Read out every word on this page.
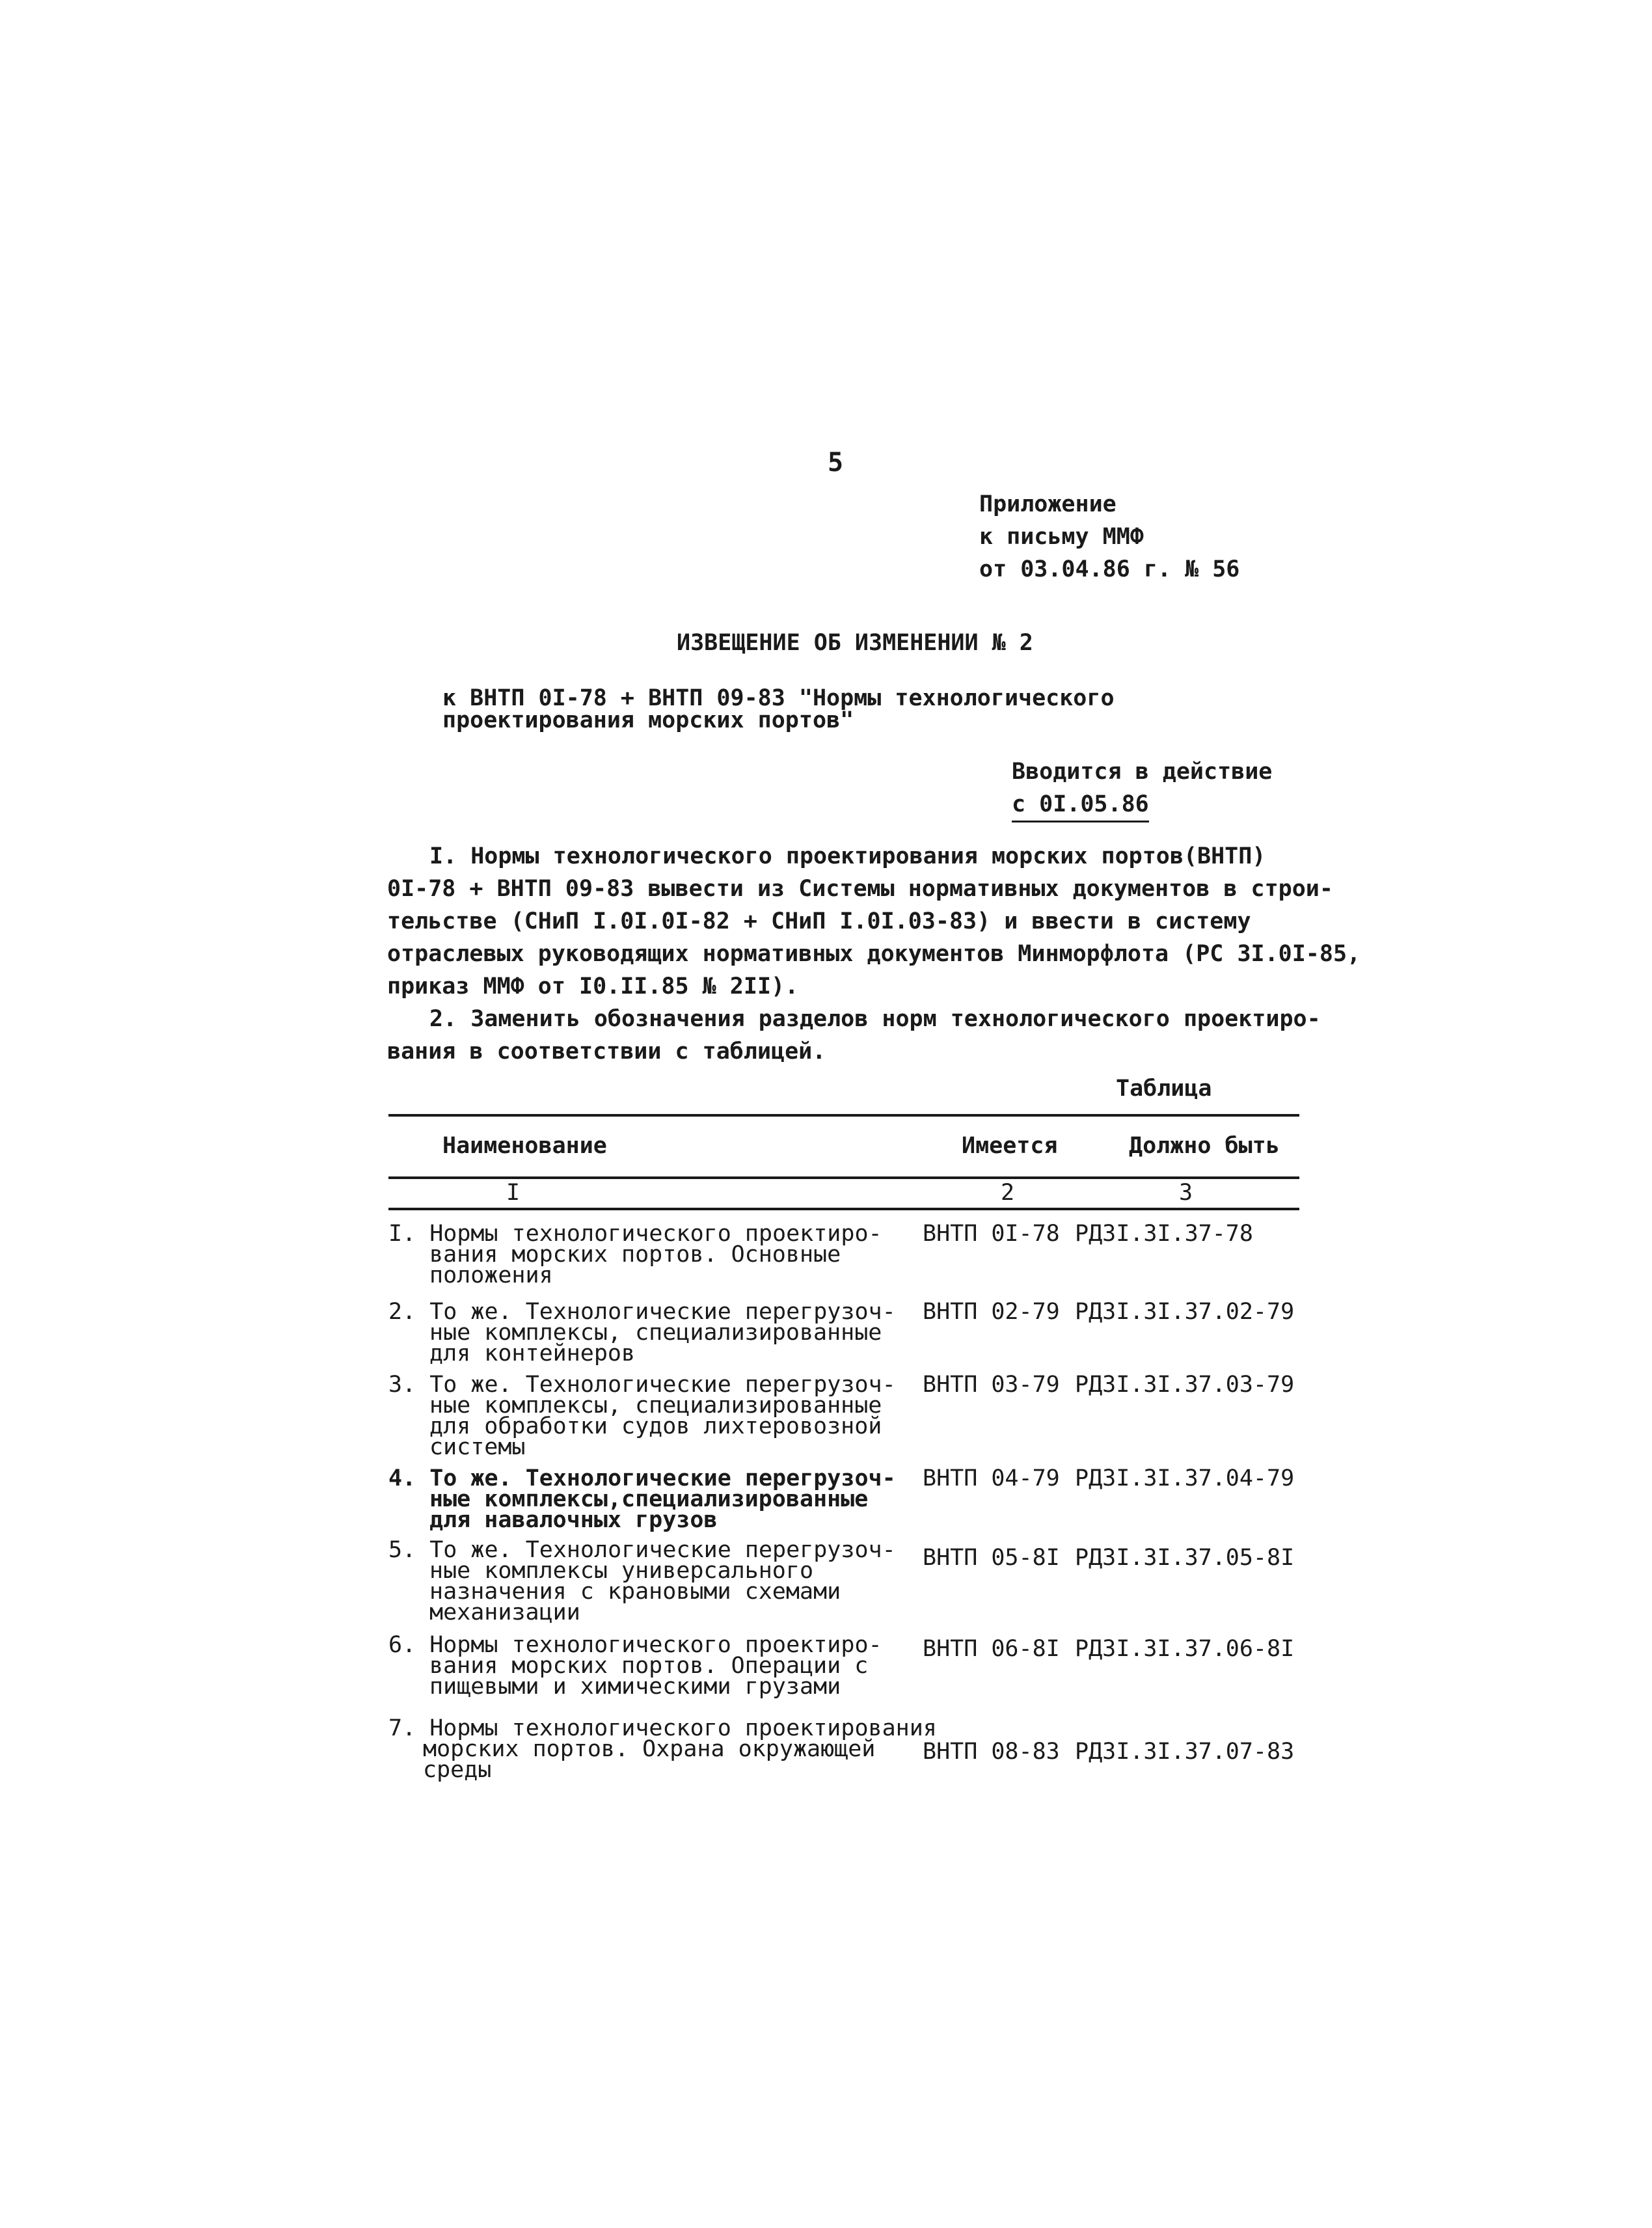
5
Приложение
к письму ММФ
от 03.04.86 г. № 56
ИЗВЕЩЕНИЕ ОБ ИЗМЕНЕНИИ № 2
к ВНТП 0I-78 + ВНТП 09-83 "Нормы технологического
проектирования морских портов"
Вводится в действие
с 0I.05.86
I. Нормы технологического проектирования морских портов(ВНТП)
0I-78 + ВНТП 09-83 вывести из Системы нормативных документов в строи-
тельстве (СНиП I.0I.0I-82 + СНиП I.0I.03-83) и ввести в систему
отраслевых руководящих нормативных документов Минморфлота (РС 3I.0I-85,
приказ ММФ от I0.II.85 № 2II).
2. Заменить обозначения разделов норм технологического проектиро-
вания в соответствии с таблицей.
Таблица
Наименование	Имеется	Должно быть
I	2	3
I. Нормы технологического проектиро-
вания морских портов. Основные
положения
ВНТП 0I-78 РД3I.3I.37-78
2. То же. Технологические перегрузоч-
ные комплексы, специализированные
для контейнеров
ВНТП 02-79 РД3I.3I.37.02-79
3. То же. Технологические перегрузоч-
ные комплексы, специализированные
для обработки судов лихтеровозной
системы
ВНТП 03-79 РД3I.3I.37.03-79
4. То же. Технологические перегрузоч-
ные комплексы,специализированные
для навалочных грузов
ВНТП 04-79 РД3I.3I.37.04-79
5. То же. Технологические перегрузоч-
ные комплексы универсального
назначения с крановыми схемами
механизации
ВНТП 05-8I РД3I.3I.37.05-8I
6. Нормы технологического проектиро-
вания морских портов. Операции с
пищевыми и химическими грузами
ВНТП 06-8I РД3I.3I.37.06-8I
7. Нормы технологического проектирования
морских портов. Охрана окружающей
среды
ВНТП 08-83 РД3I.3I.37.07-83
